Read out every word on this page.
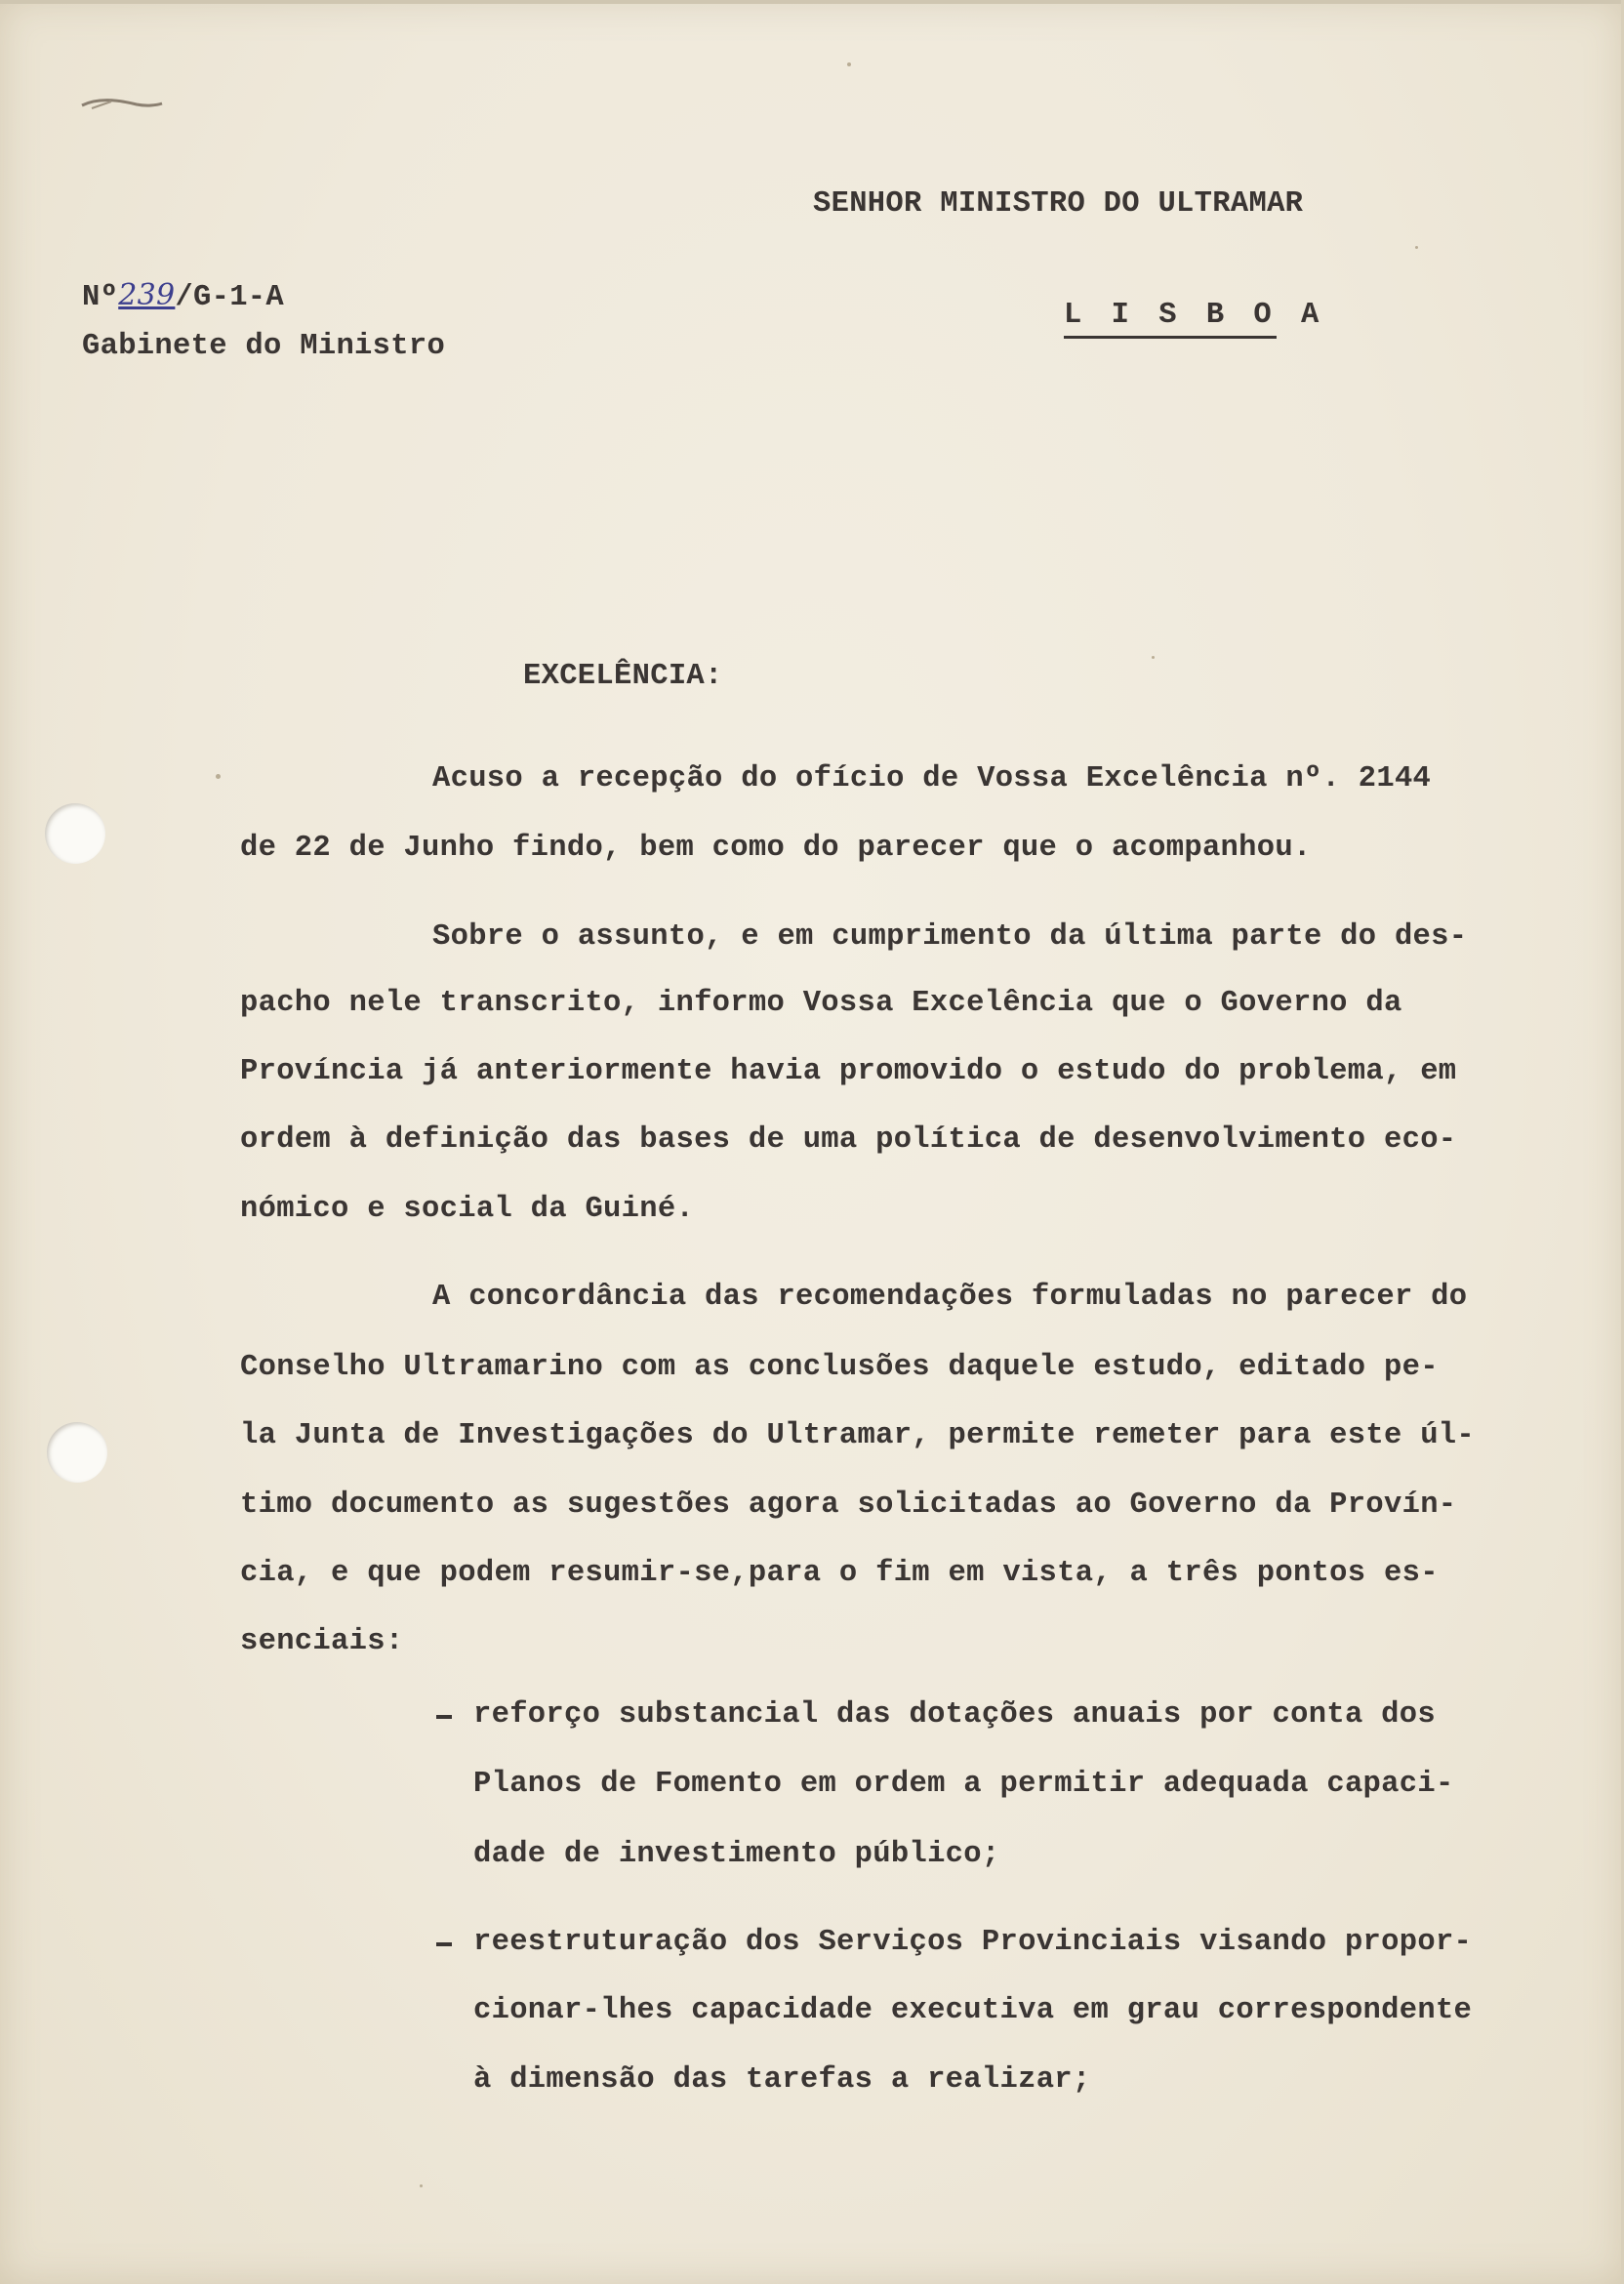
SENHOR MINISTRO DO ULTRAMAR
Nº239/G-1-A
Gabinete do Ministro
L I S B O A
EXCELÊNCIA:
Acuso a recepção do ofício de Vossa Excelência nº. 2144
de 22 de Junho findo, bem como do parecer que o acompanhou.
Sobre o assunto, e em cumprimento da última parte do des-
pacho nele transcrito, informo Vossa Excelência que o Governo da
Província já anteriormente havia promovido o estudo do problema, em
ordem à definição das bases de uma política de desenvolvimento eco-
nómico e social da Guiné.
A concordância das recomendações formuladas no parecer do
Conselho Ultramarino com as conclusões daquele estudo, editado pe-
la Junta de Investigações do Ultramar, permite remeter para este úl-
timo documento as sugestões agora solicitadas ao Governo da Provín-
cia, e que podem resumir-se,para o fim em vista, a três pontos es-
senciais:
reforço substancial das dotações anuais por conta dos
Planos de Fomento em ordem a permitir adequada capaci-
dade de investimento público;
reestruturação dos Serviços Provinciais visando propor-
cionar-lhes capacidade executiva em grau correspondente
à dimensão das tarefas a realizar;
